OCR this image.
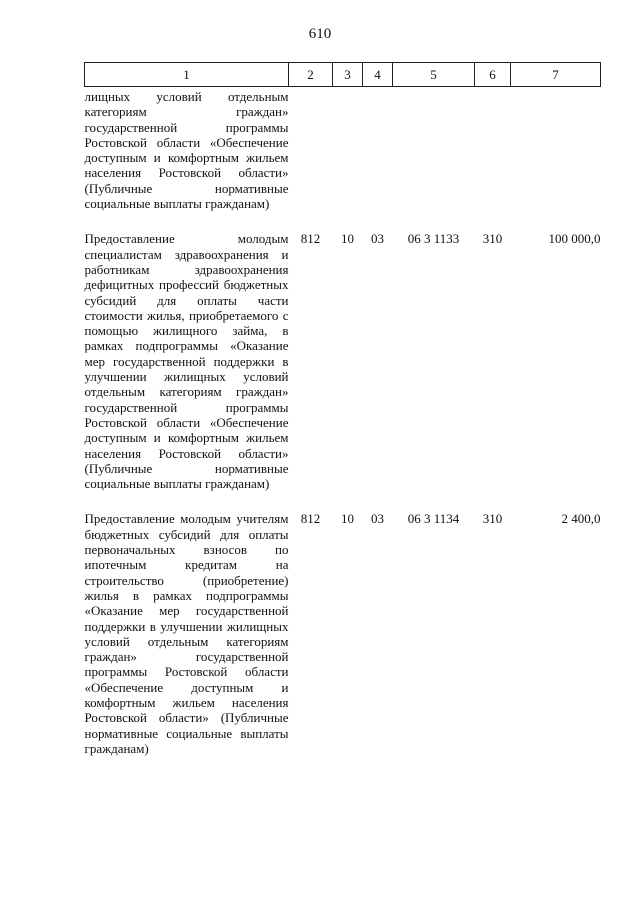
610
1	2	3	4	5	6	7
лищных условий отдельным категориям граждан» государственной программы Ростовской области «Обеспечение доступным и комфортным жильем населения Ростовской области» (Публичные нормативные социальные выплаты гражданам)						
Предоставление молодым специалистам здравоохранения и работникам здравоохранения дефицитных профессий бюджетных субсидий для оплаты части стоимости жилья, приобретаемого с помощью жилищного займа, в рамках подпрограммы «Оказание мер государственной поддержки в улучшении жилищных условий отдельным категориям граждан» государственной программы Ростовской области «Обеспечение доступным и комфортным жильем населения Ростовской области» (Публичные нормативные социальные выплаты гражданам)	812	10	03	06 3 1133	310	100 000,0
Предоставление молодым учителям бюджетных субсидий для оплаты первоначальных взносов по ипотечным кредитам на строительство (приобретение) жилья в рамках подпрограммы «Оказание мер государственной поддержки в улучшении жилищных условий отдельным категориям граждан» государственной программы Ростовской области «Обеспечение доступным и комфортным жильем населения Ростовской области» (Публичные нормативные социальные выплаты гражданам)	812	10	03	06 3 1134	310	2 400,0
